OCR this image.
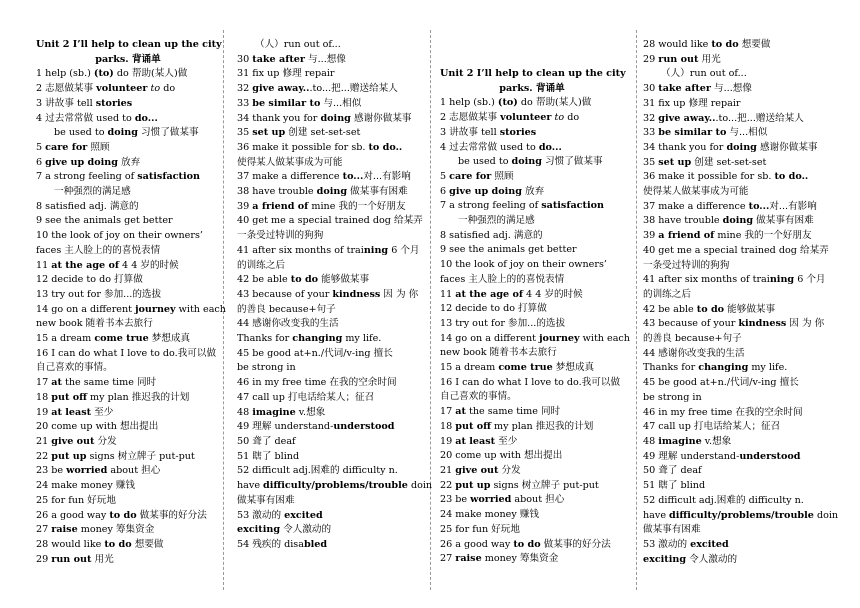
Unit 2 I’ll help to clean up the city
parks. 背诵单
1 help (sb.) (to) do 帮助(某人)做
2 志愿做某事 volunteer to do
3 讲故事 tell stories
4 过去常常做 used to do...
be used to doing 习惯了做某事
5 care for 照顾
6 give up doing 放弃
7 a strong feeling of satisfaction
一种强烈的满足感
8 satisfied adj. 满意的
9 see the animals get better
10 the look of joy on their owners’
faces 主人脸上的的喜悦表情
11 at the age of 4 4 岁的时候
12 decide to do 打算做
13 try out for 参加...的选拔
14 go on a different journey with each
new book 随着书本去旅行
15 a dream come true 梦想成真
16 I can do what I love to do.我可以做
自己喜欢的事情。
17 at the same time 同时
18 put off my plan 推迟我的计划
19 at least 至少
20 come up with 想出提出
21 give out 分发
22 put up signs 树立牌子 put-put
23 be worried about 担心
24 make money 赚钱
25 for fun 好玩地
26 a good way to do 做某事的好分法
27 raise money 筹集资金
28 would like to do 想要做
29 run out 用光
（人）run out of...
30 take after 与...想像
31 fix up 修理 repair
32 give away...to...把...赠送给某人
33 be similar to 与...相似
34 thank you for doing 感谢你做某事
35 set up 创建 set-set-set
36 make it possible for sb. to do..
使得某人做某事成为可能
37 make a difference to...对...有影响
38 have trouble doing 做某事有困难
39 a friend of mine 我的一个好朋友
40 get me a special trained dog 给某弄
一条受过特训的狗狗
41 after six months of training 6 个月
的训练之后
42 be able to do 能够做某事
43 because of your kindness 因 为 你
的善良 because+句子
44 感谢你改变我的生活
Thanks for changing my life.
45 be good at+n./代词/v-ing 擅长
be strong in
46 in my free time 在我的空余时间
47 call up 打电话给某人；征召
48 imagine v.想象
49 理解 understand-understood
50 聋了 deaf
51 瞎了 blind
52 difficult adj.困难的 difficulty n.
have difficulty/problems/trouble doin
做某事有困难
53 激动的 excited
exciting 令人激动的
54 残疾的 disabled
Unit 2 I’ll help to clean up the city
parks. 背诵单
1 help (sb.) (to) do 帮助(某人)做
2 志愿做某事 volunteer to do
3 讲故事 tell stories
4 过去常常做 used to do...
be used to doing 习惯了做某事
5 care for 照顾
6 give up doing 放弃
7 a strong feeling of satisfaction
一种强烈的满足感
8 satisfied adj. 满意的
9 see the animals get better
10 the look of joy on their owners’
faces 主人脸上的的喜悦表情
11 at the age of 4 4 岁的时候
12 decide to do 打算做
13 try out for 参加...的选拔
14 go on a different journey with each
new book 随着书本去旅行
15 a dream come true 梦想成真
16 I can do what I love to do.我可以做
自己喜欢的事情。
17 at the same time 同时
18 put off my plan 推迟我的计划
19 at least 至少
20 come up with 想出提出
21 give out 分发
22 put up signs 树立牌子 put-put
23 be worried about 担心
24 make money 赚钱
25 for fun 好玩地
26 a good way to do 做某事的好分法
27 raise money 筹集资金
28 would like to do 想要做
29 run out 用光
（人）run out of...
30 take after 与...想像
31 fix up 修理 repair
32 give away...to...把...赠送给某人
33 be similar to 与...相似
34 thank you for doing 感谢你做某事
35 set up 创建 set-set-set
36 make it possible for sb. to do..
使得某人做某事成为可能
37 make a difference to...对...有影响
38 have trouble doing 做某事有困难
39 a friend of mine 我的一个好朋友
40 get me a special trained dog 给某弄
一条受过特训的狗狗
41 after six months of training 6 个月
的训练之后
42 be able to do 能够做某事
43 because of your kindness 因 为 你
的善良 because+句子
44 感谢你改变我的生活
Thanks for changing my life.
45 be good at+n./代词/v-ing 擅长
be strong in
46 in my free time 在我的空余时间
47 call up 打电话给某人；征召
48 imagine v.想象
49 理解 understand-understood
50 聋了 deaf
51 瞎了 blind
52 difficult adj.困难的 difficulty n.
have difficulty/problems/trouble doin
做某事有困难
53 激动的 excited
exciting 令人激动的
